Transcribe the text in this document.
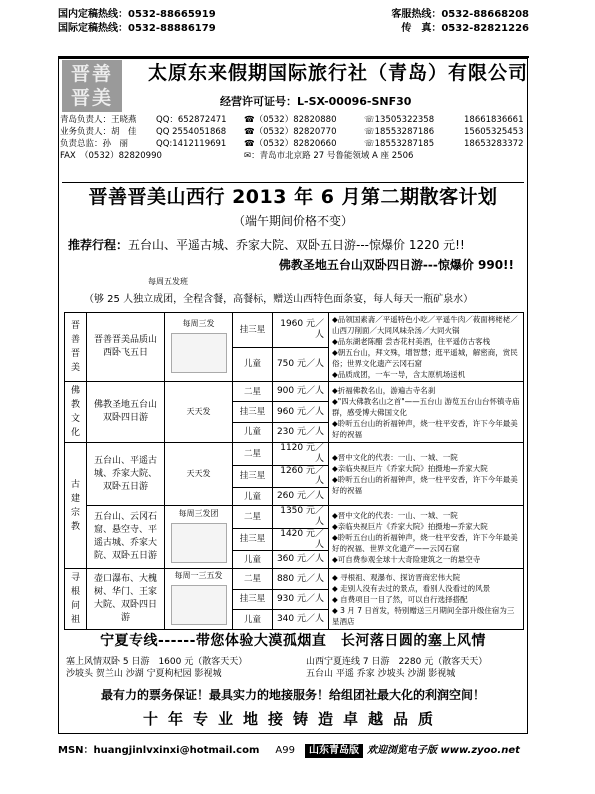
国内定稿热线：0532-88665919	客服热线：0532-88668208
国际定稿热线：0532-88886179	传　真：0532-82821226
晋善
晋美
太原东来假期国际旅行社（青岛）有限公司
经营许可证号：L-SX-00096-SNF30
青岛负责人：王晓燕	QQ：652872471	☎（0532）82820880	☏13505322358	18661836661
业务负责人：胡　佳	QQ 2554051868	☎（0532）82820770	☏18553287186	15605325453
负责总监：孙　丽	QQ:1412119691	☎（0532）82820660	☏18553287185	18653283372
FAX　（0532）82820990	✉：青岛市北京路 27 号鲁能领域 A 座 2506
晋善晋美山西行 2013 年 6 月第二期散客计划
（端午期间价格不变）
推荐行程：五台山、平遥古城、乔家大院、双卧五日游---惊爆价 1220 元!!
佛教圣地五台山双卧四日游---惊爆价 990!!
每周五发班
（够 25 人独立成团，全程含餐，高餐标，赠送山西特色面条宴，每人每天一瓶矿泉水）
晋善晋美	晋善晋美品质山西卧飞五日	每周三发	挂三星	1960 元／人	◆品领国素斋／平遥特色小吃／平遥牛肉／莜面栲栳栳／山西刀削面／大同风味杂汤／大同火锅
◆品东湖老陈醋 尝杏花村美酒，住平遥仿古客栈
◆朝五台山，拜文殊，增智慧；逛平遥城，解密商，赏民俗；世界文化遗产云冈石窟
◆品质成团，一车一导，含太原机场送机
			儿童	750 元／人	
佛教文化	佛教圣地五台山双卧四日游	天天发	二星	900 元／人	◆折福佛教名山，游遍古寺名刹
◆"四大佛教名山之首"——五台山 游览五台山台怀镇寺庙群，感受博大佛国文化
◆聆听五台山的祈福钟声，烧一柱平安香，许下今年最美好的祝福
			挂三星	960 元／人	
			儿童	230 元／人	
古建宗教	五台山、平遥古城、乔家大院、双卧五日游	天天发	二星	1120 元／人	◆晋中文化的代表：一山、一城、一院
◆亲临央视巨片《乔家大院》拍摄地—乔家大院
◆聆听五台山的祈福钟声，烧一柱平安香，许下今年最美好的祝福
			挂三星	1260 元／人	
			儿童	260 元／人	
	五台山、云冈石窟、悬空寺、平遥古城、乔家大院、双卧五日游	每周三发团	二星	1350 元／人	◆晋中文化的代表：一山、一城、一院
◆亲临央视巨片《乔家大院》拍摄地—乔家大院
◆聆听五台山的祈福钟声，烧一柱平安香，许下今年最美好的祝福、世界文化遗产——云冈石窟
◆可自费参观全球十大奇险建筑之一的悬空寺
			挂三星	1420 元／人	
			儿童	360 元／人	
寻根问祖	壶口瀑布、大槐树、华门、王家大院、双卧四日游	每周一三五发	二星	880 元／人	◆ 寻根祖、观瀑布、探访晋商宏伟大院
◆ 走别人没有去过的景点，看别人没看过的风景
◆ 自费项目一目了然，可以自行选择搭配
◆ 3 月 7 日首发，特别赠送三月期间全部升级住宿为三星酒店
			挂三星	930 元／人	
			儿童	340 元／人	
宁夏专线------带您体验大漠孤烟直　长河落日圆的塞上风情
塞上风情双卧 5 日游　1600 元（散客天天）
沙坡头 贺兰山 沙湖 宁夏枸杞园 影视城
山西宁夏连线 7 日游　2280 元（散客天天）
五台山 平遥 乔家 沙坡头 沙湖 影视城
最有力的票务保证！最具实力的地接服务！给组团社最大化的利润空间！
十年专业地接铸造卓越品质
MSN：huangjinlvxinxi@hotmail.com A99	山东青岛版 欢迎浏览电子版 www.zyoo.net
